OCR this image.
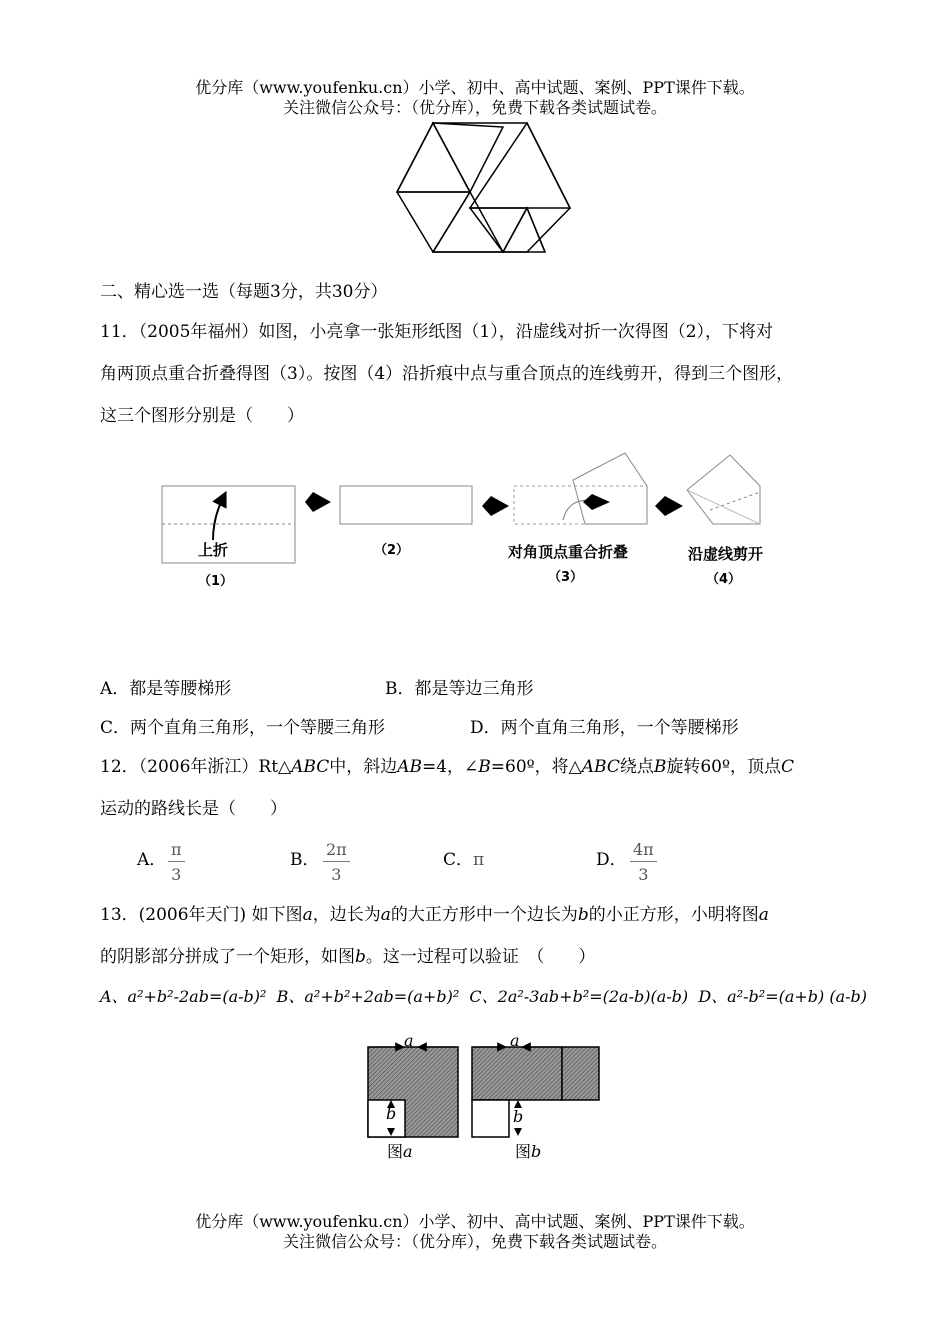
优分库（www.youfenku.cn）小学、初中、高中试题、案例、PPT课件下载。
关注微信公众号：（优分库），免费下载各类试题试卷。
二、精心选一选（每题3分，共30分）
11．（2005年福州）如图，小亮拿一张矩形纸图（1），沿虚线对折一次得图（2），下将对
角两顶点重合折叠得图（3）。按图（4）沿折痕中点与重合顶点的连线剪开，得到三个图形，
这三个图形分别是（　　）
上折
（1）
（2）	对角顶点重合折叠
（3）
沿虚线剪开
（4）
A．都是等腰梯形	B．都是等边三角形
C．两个直角三角形，一个等腰三角形	D．两个直角三角形，一个等腰梯形
12．（2006年浙江）Rt△ABC中，斜边AB=4，∠B=60º，将△ABC绕点B旋转60º，顶点C
运动的路线长是（　　）
A． $\frac{\pi}{3}$	B． $\frac{2\pi}{3}$	C．π	D． $\frac{4\pi}{3}$
13．(2006年天门) 如下图a，边长为a的大正方形中一个边长为b的小正方形，小明将图a
的阴影部分拼成了一个矩形，如图b。这一过程可以验证　（　　）
A、a²+b²-2ab=(a-b)² B、a²+b²+2ab=(a+b)² C、2a²-3ab+b²=(2a-b)(a-b) D、a²-b²=(a+b) (a-b)
a
b
a
b
图a	图b
优分库（www.youfenku.cn）小学、初中、高中试题、案例、PPT课件下载。
关注微信公众号：（优分库），免费下载各类试题试卷。
